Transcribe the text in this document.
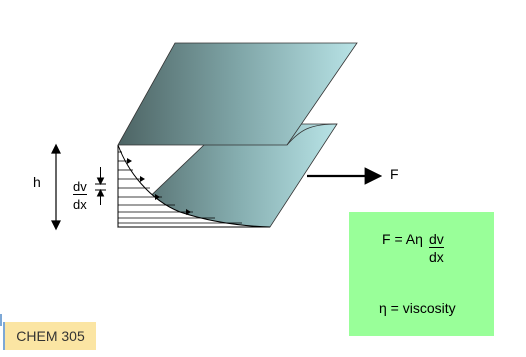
h	F
dv
dx
F = Aη dv
dx
η = viscosity
CHEM 305
